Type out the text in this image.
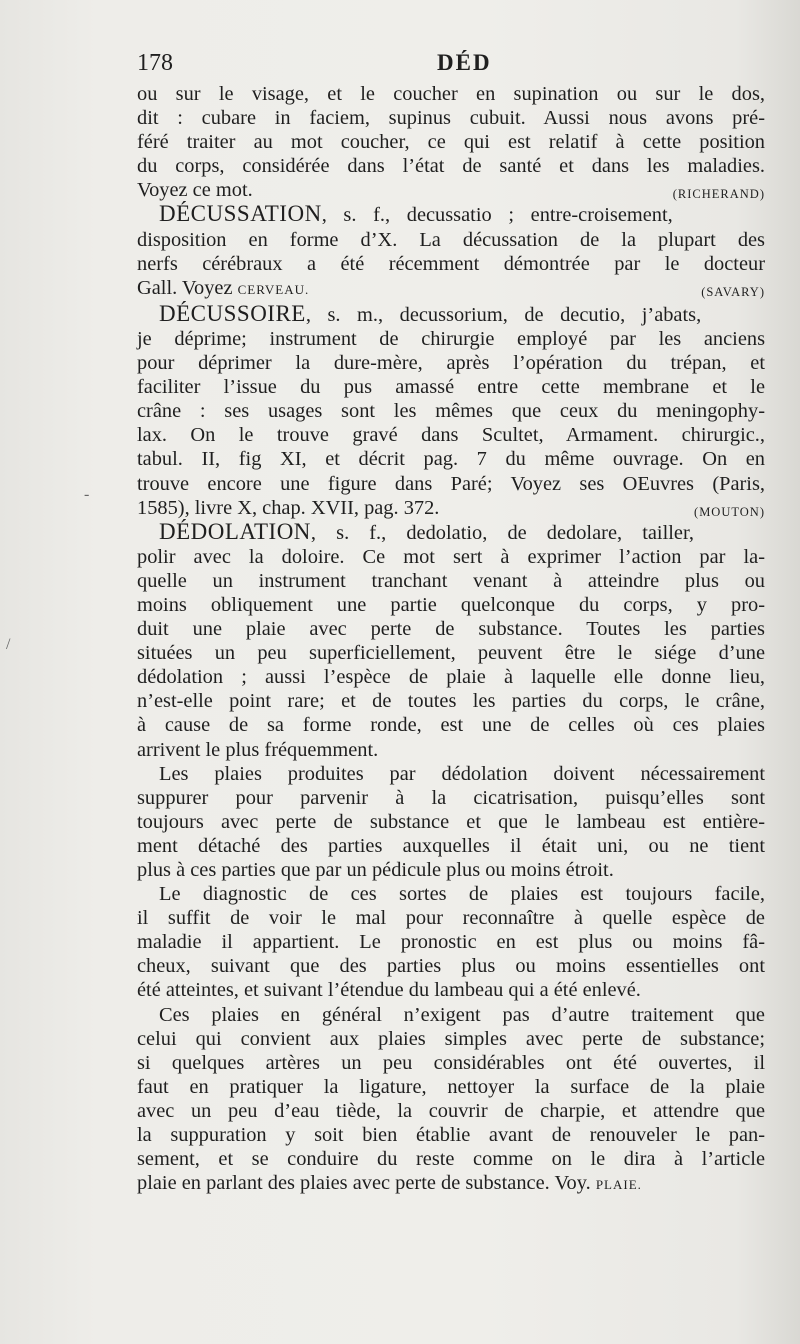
178	DÉD
-
/

ou sur le visage, et le coucher en supination ou sur le dos,
dit : cubare in faciem, supinus cubuit. Aussi nous avons pré-
féré traiter au mot coucher, ce qui est relatif à cette position
du corps, considérée dans l’état de santé et dans les maladies.
Voyez ce mot.	(RICHERAND)

DÉCUSSATION, s. f., decussatio ; entre-croisement,

disposition en forme d’X. La décussation de la plupart des
nerfs cérébraux a été récemment démontrée par le docteur
Gall. Voyez CERVEAU.	(SAVARY)

DÉCUSSOIRE, s. m., decussorium, de decutio, j’abats,

je déprime; instrument de chirurgie employé par les anciens
pour déprimer la dure-mère, après l’opération du trépan, et
faciliter l’issue du pus amassé entre cette membrane et le
crâne : ses usages sont les mêmes que ceux du meningophy-
lax. On le trouve gravé dans Scultet, Armament. chirurgic.,
tabul. II, fig XI, et décrit pag. 7 du même ouvrage. On en
trouve encore une figure dans Paré; Voyez ses OEuvres (Paris,
1585), livre X, chap. XVII, pag. 372.	(MOUTON)

DÉDOLATION, s. f., dedolatio, de dedolare, tailler,

polir avec la doloire. Ce mot sert à exprimer l’action par la-
quelle un instrument tranchant venant à atteindre plus ou
moins obliquement une partie quelconque du corps, y pro-
duit une plaie avec perte de substance. Toutes les parties
situées un peu superficiellement, peuvent être le siége d’une
dédolation ; aussi l’espèce de plaie à laquelle elle donne lieu,
n’est-elle point rare; et de toutes les parties du corps, le crâne,
à cause de sa forme ronde, est une de celles où ces plaies
arrivent le plus fréquemment.

Les plaies produites par dédolation doivent nécessairement

suppurer pour parvenir à la cicatrisation, puisqu’elles sont
toujours avec perte de substance et que le lambeau est entière-
ment détaché des parties auxquelles il était uni, ou ne tient
plus à ces parties que par un pédicule plus ou moins étroit.

Le diagnostic de ces sortes de plaies est toujours facile,

il suffit de voir le mal pour reconnaître à quelle espèce de
maladie il appartient. Le pronostic en est plus ou moins fâ-
cheux, suivant que des parties plus ou moins essentielles ont
été atteintes, et suivant l’étendue du lambeau qui a été enlevé.

Ces plaies en général n’exigent pas d’autre traitement que

celui qui convient aux plaies simples avec perte de substance;
si quelques artères un peu considérables ont été ouvertes, il
faut en pratiquer la ligature, nettoyer la surface de la plaie
avec un peu d’eau tiède, la couvrir de charpie, et attendre que
la suppuration y soit bien établie avant de renouveler le pan-
sement, et se conduire du reste comme on le dira à l’article
plaie en parlant des plaies avec perte de substance. Voy. PLAIE.
